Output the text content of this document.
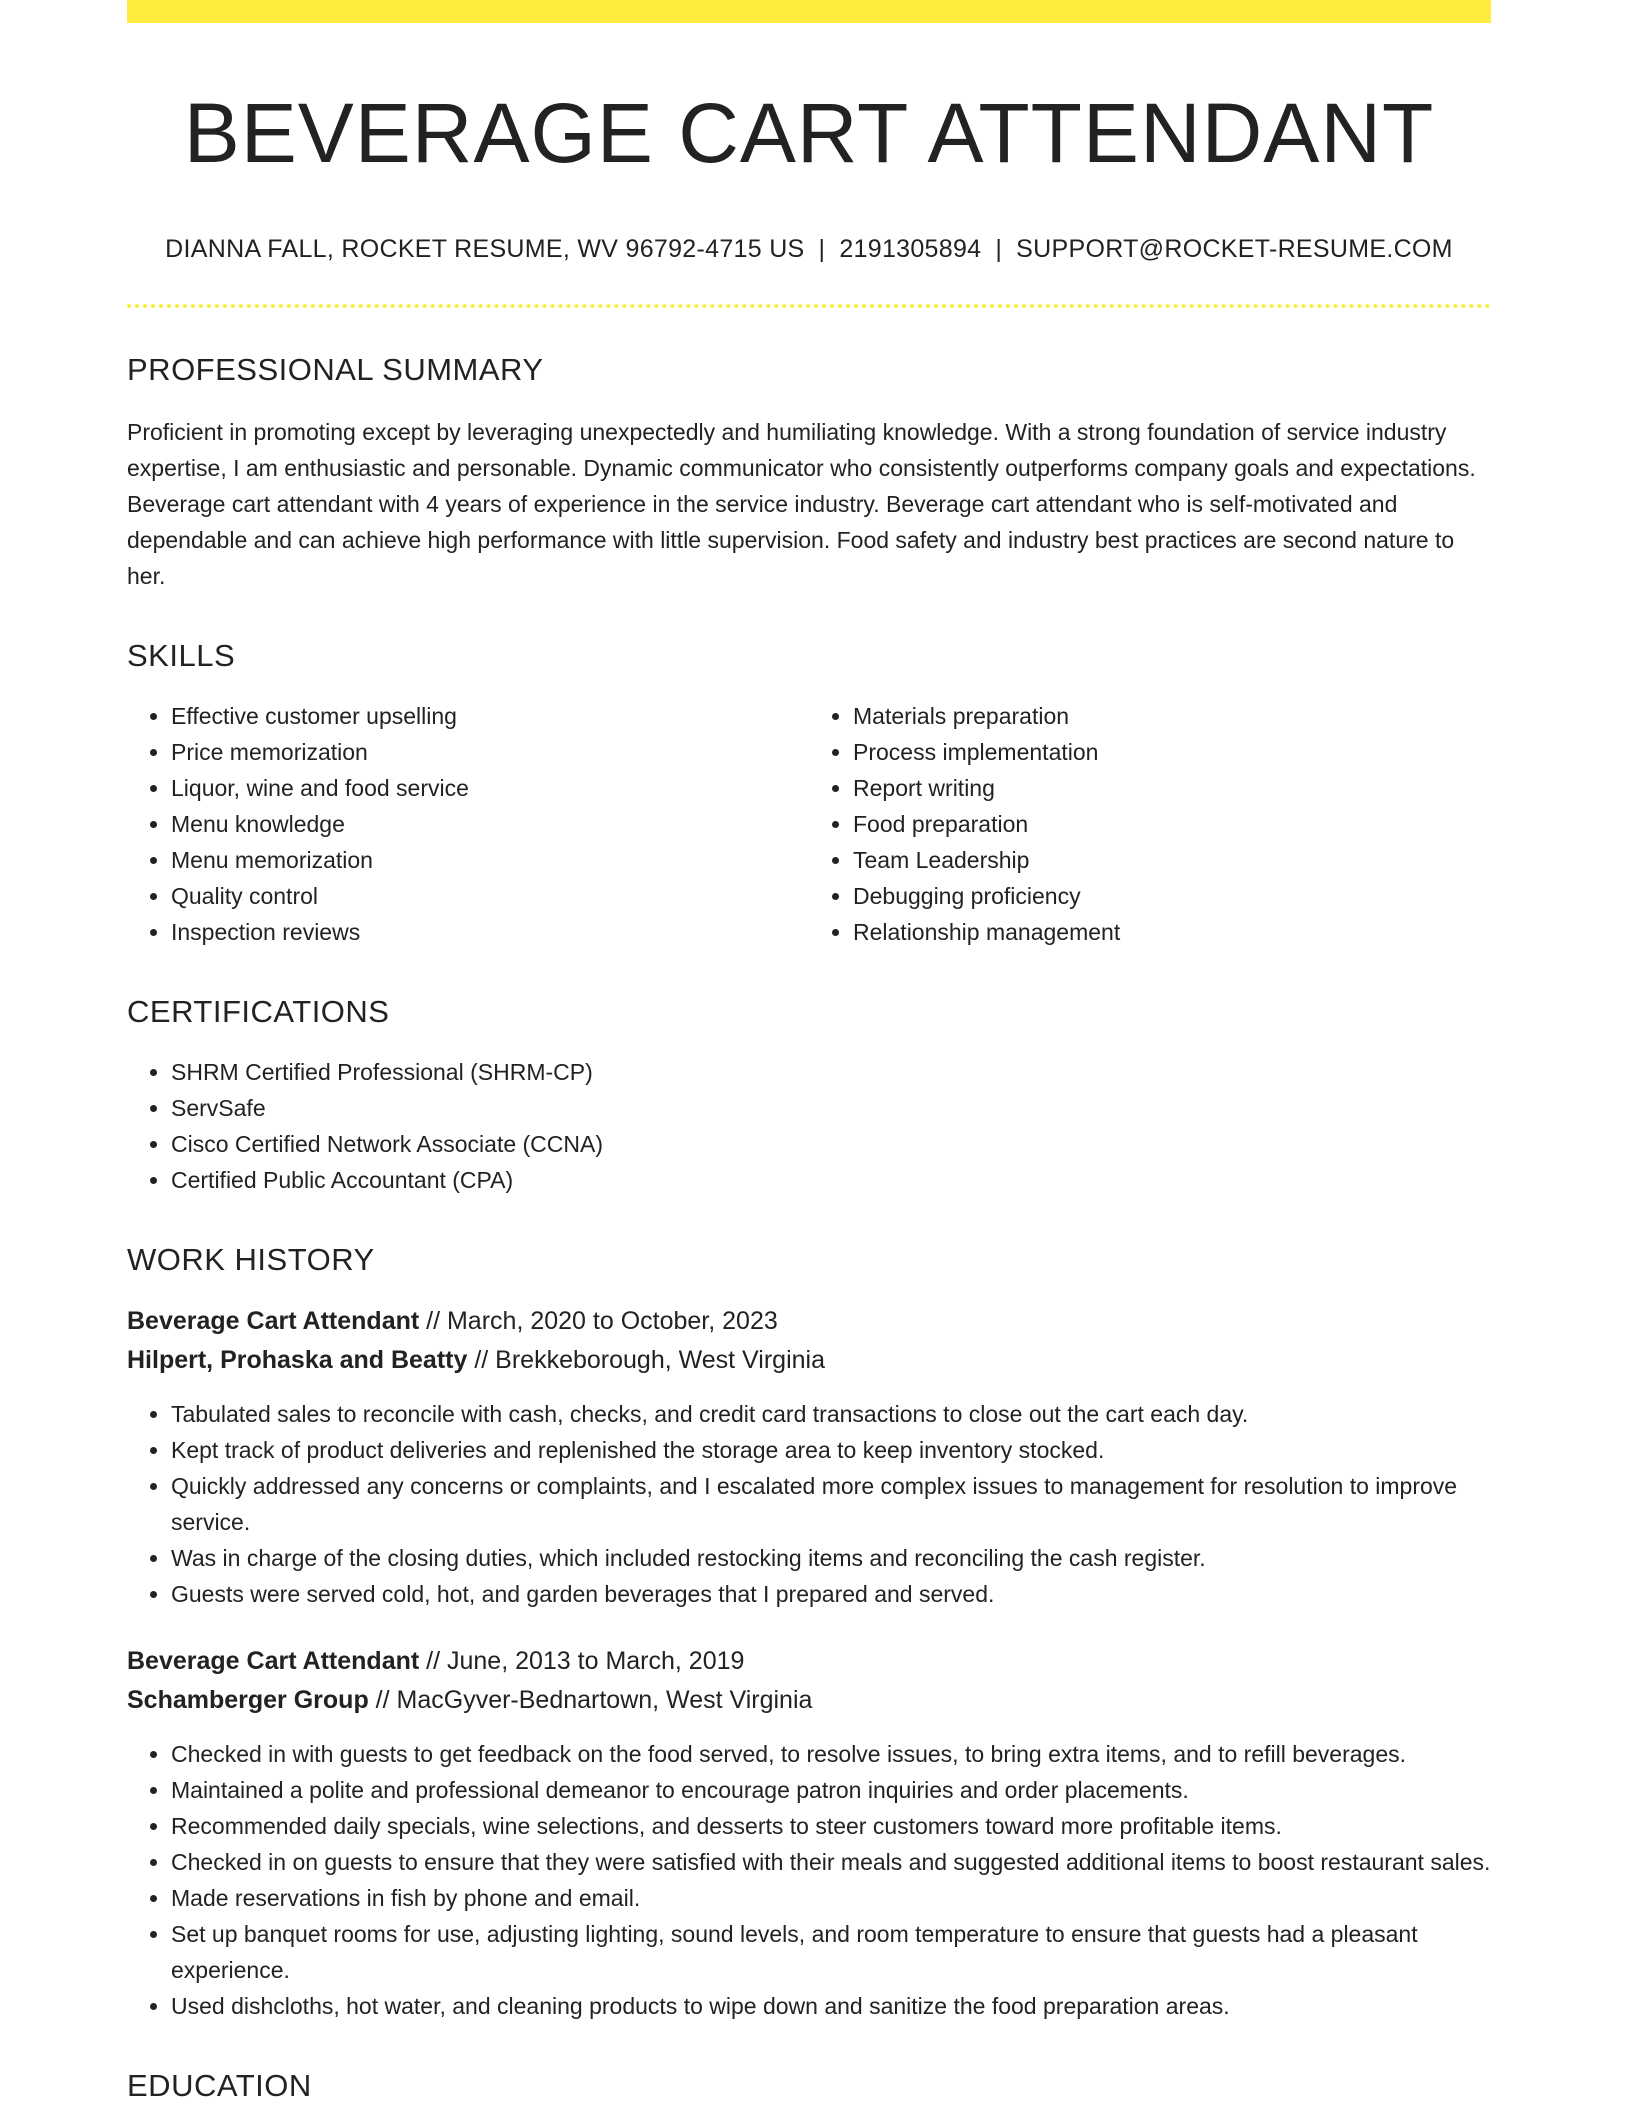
BEVERAGE CART ATTENDANT
DIANNA FALL, ROCKET RESUME, WV 96792-4715 US | 2191305894 | SUPPORT@ROCKET-RESUME.COM
PROFESSIONAL SUMMARY

Proficient in promoting except by leveraging unexpectedly and humiliating knowledge. With a strong foundation of service industry expertise, I am enthusiastic and personable. Dynamic communicator who consistently outperforms company goals and expectations. Beverage cart attendant with 4 years of experience in the service industry. Beverage cart attendant who is self-motivated and dependable and can achieve high performance with little supervision. Food safety and industry best practices are second nature to her.

SKILLS
• Effective customer upselling
• Price memorization
• Liquor, wine and food service
• Menu knowledge
• Menu memorization
• Quality control
• Inspection reviews
• Materials preparation
• Process implementation
• Report writing
• Food preparation
• Team Leadership
• Debugging proficiency
• Relationship management
CERTIFICATIONS
• SHRM Certified Professional (SHRM-CP)
• ServSafe
• Cisco Certified Network Associate (CCNA)
• Certified Public Accountant (CPA)
WORK HISTORY
Beverage Cart Attendant // March, 2020 to October, 2023
Hilpert, Prohaska and Beatty // Brekkeborough, West Virginia
• Tabulated sales to reconcile with cash, checks, and credit card transactions to close out the cart each day.
• Kept track of product deliveries and replenished the storage area to keep inventory stocked.
• Quickly addressed any concerns or complaints, and I escalated more complex issues to management for resolution to improve service.
• Was in charge of the closing duties, which included restocking items and reconciling the cash register.
• Guests were served cold, hot, and garden beverages that I prepared and served.
Beverage Cart Attendant // June, 2013 to March, 2019
Schamberger Group // MacGyver-Bednartown, West Virginia
• Checked in with guests to get feedback on the food served, to resolve issues, to bring extra items, and to refill beverages.
• Maintained a polite and professional demeanor to encourage patron inquiries and order placements.
• Recommended daily specials, wine selections, and desserts to steer customers toward more profitable items.
• Checked in on guests to ensure that they were satisfied with their meals and suggested additional items to boost restaurant sales.
• Made reservations in fish by phone and email.
• Set up banquet rooms for use, adjusting lighting, sound levels, and room temperature to ensure that guests had a pleasant experience.
• Used dishcloths, hot water, and cleaning products to wipe down and sanitize the food preparation areas.
EDUCATION
